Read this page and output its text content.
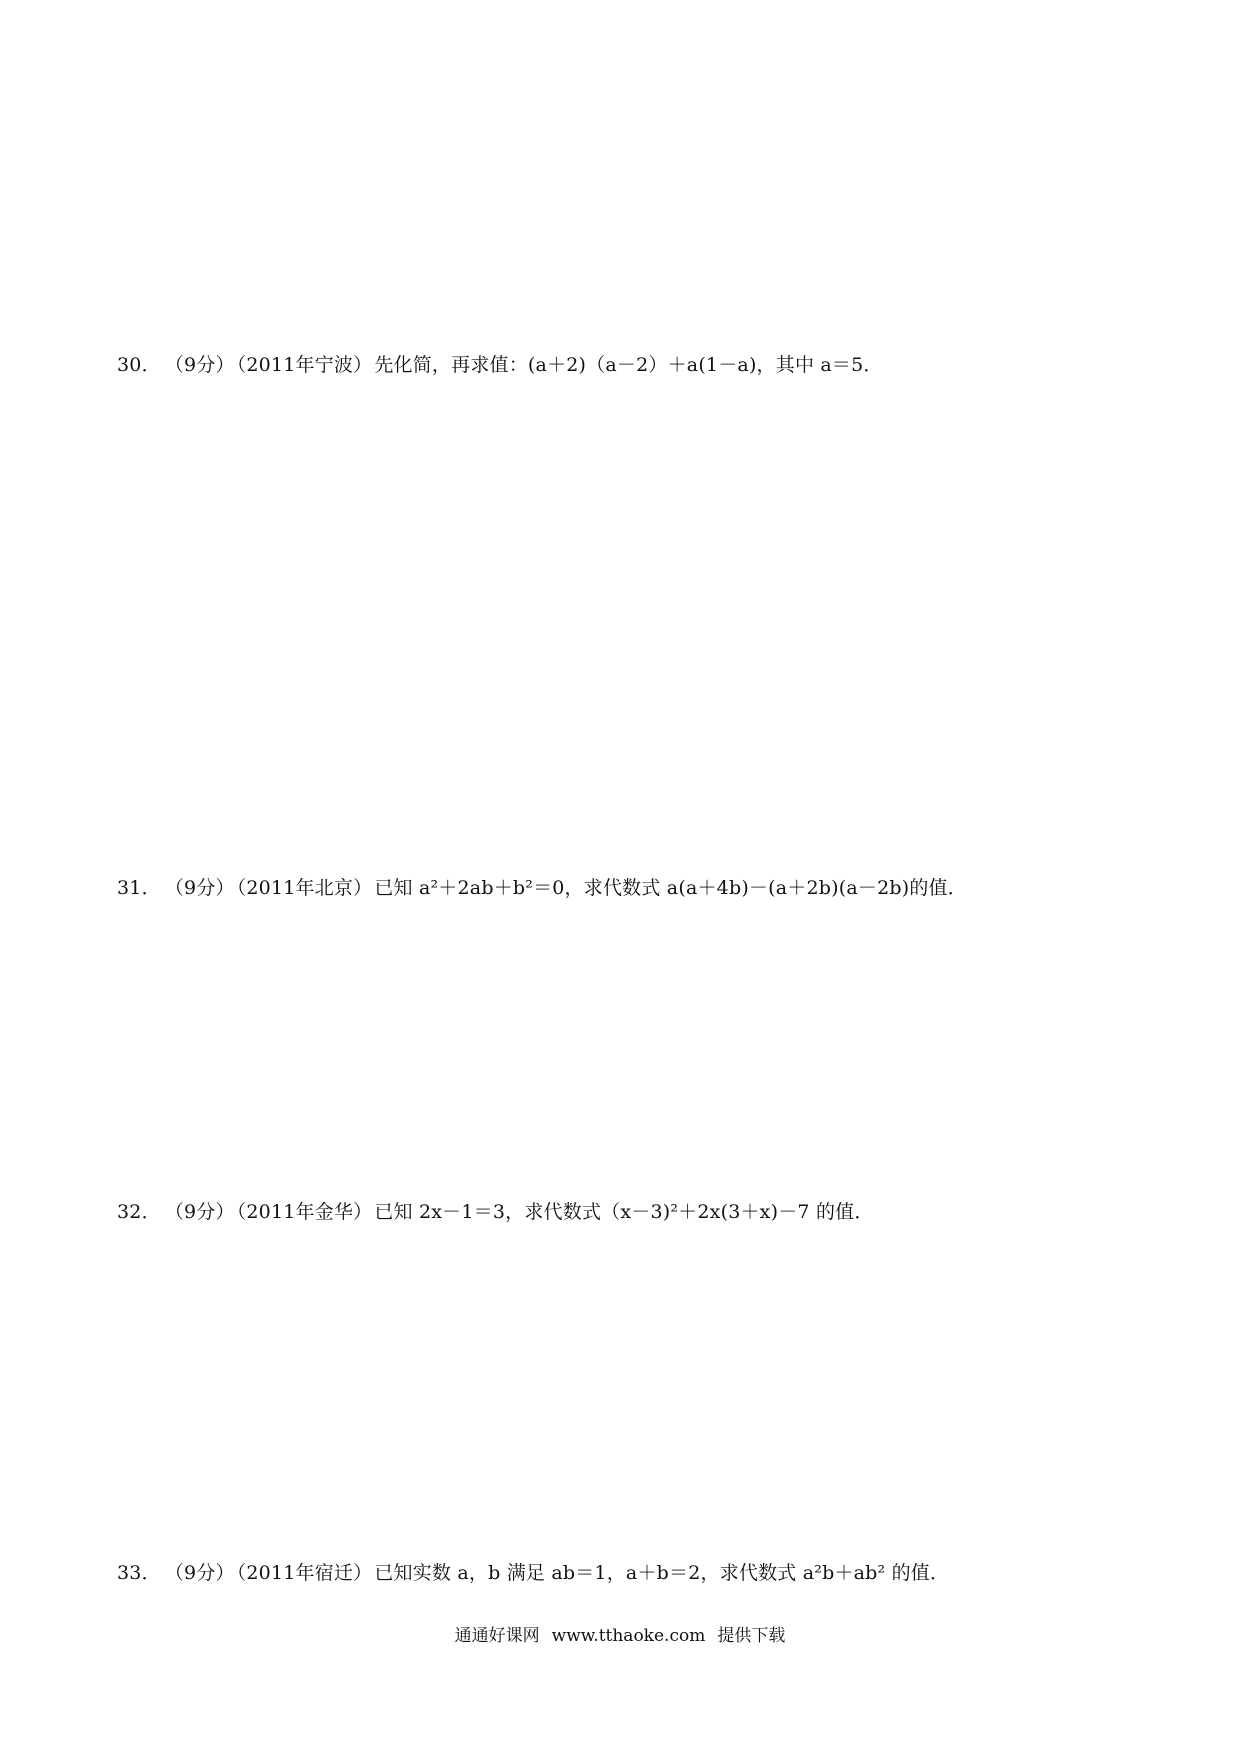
30． （9分） （2011年宁波） 先化简，再求值：(a＋2)（a－2）＋a(1－a)，其中 a＝5．
31． （9分） （2011年北京） 已知 a²＋2ab＋b²＝0，求代数式 a(a＋4b)－(a＋2b)(a－2b)的值．
32． （9分） （2011年金华） 已知 2x－1＝3，求代数式（x－3)²＋2x(3＋x)－7 的值．
33． （9分） （2011年宿迁） 已知实数 a，b 满足 ab＝1，a＋b＝2，求代数式 a²b＋ab² 的值．
通通好课网 www.tthaoke.com 提供下载
